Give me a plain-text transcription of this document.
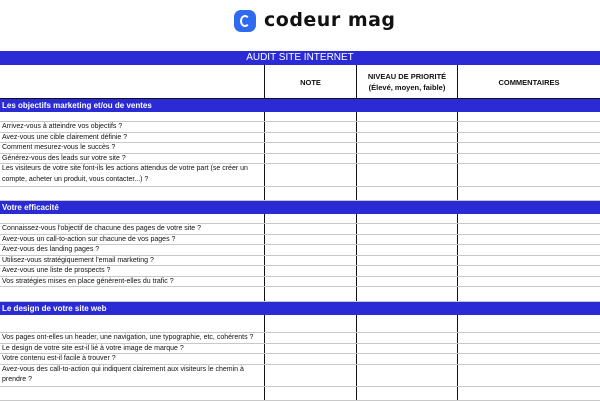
codeur mag
AUDIT SITE INTERNET
NOTE
NIVEAU DE PRIORITÉ
(Élevé, moyen, faible)
COMMENTAIRES
Les objectifs marketing et/ou de ventes
Arrivez-vous à atteindre vos objectifs ?
Avez-vous une cible clairement définie ?
Comment mesurez-vous le succès ?
Générez-vous des leads sur votre site ?
Les visiteurs de votre site font-ils les actions attendus de votre part (se créer un compte, acheter un produit, vous contacter...) ?
Votre efficacité
Connaissez-vous l'objectif de chacune des pages de votre site ?
Avez-vous un call-to-action sur chacune de vos pages ?
Avez-vous des landing pages ?
Utilisez-vous stratégiquement l'email marketing ?
Avez-vous une liste de prospects ?
Vos stratégies mises en place génèrent-elles du trafic ?
Le design de votre site web
Vos pages ont-elles un header, une navigation, une typographie, etc, cohérents ?
Le design de votre site est-il lié à votre image de marque ?
Votre contenu est-il facile à trouver ?
Avez-vous des call-to-action qui indiquent clairement aux visiteurs le chemin à prendre ?
